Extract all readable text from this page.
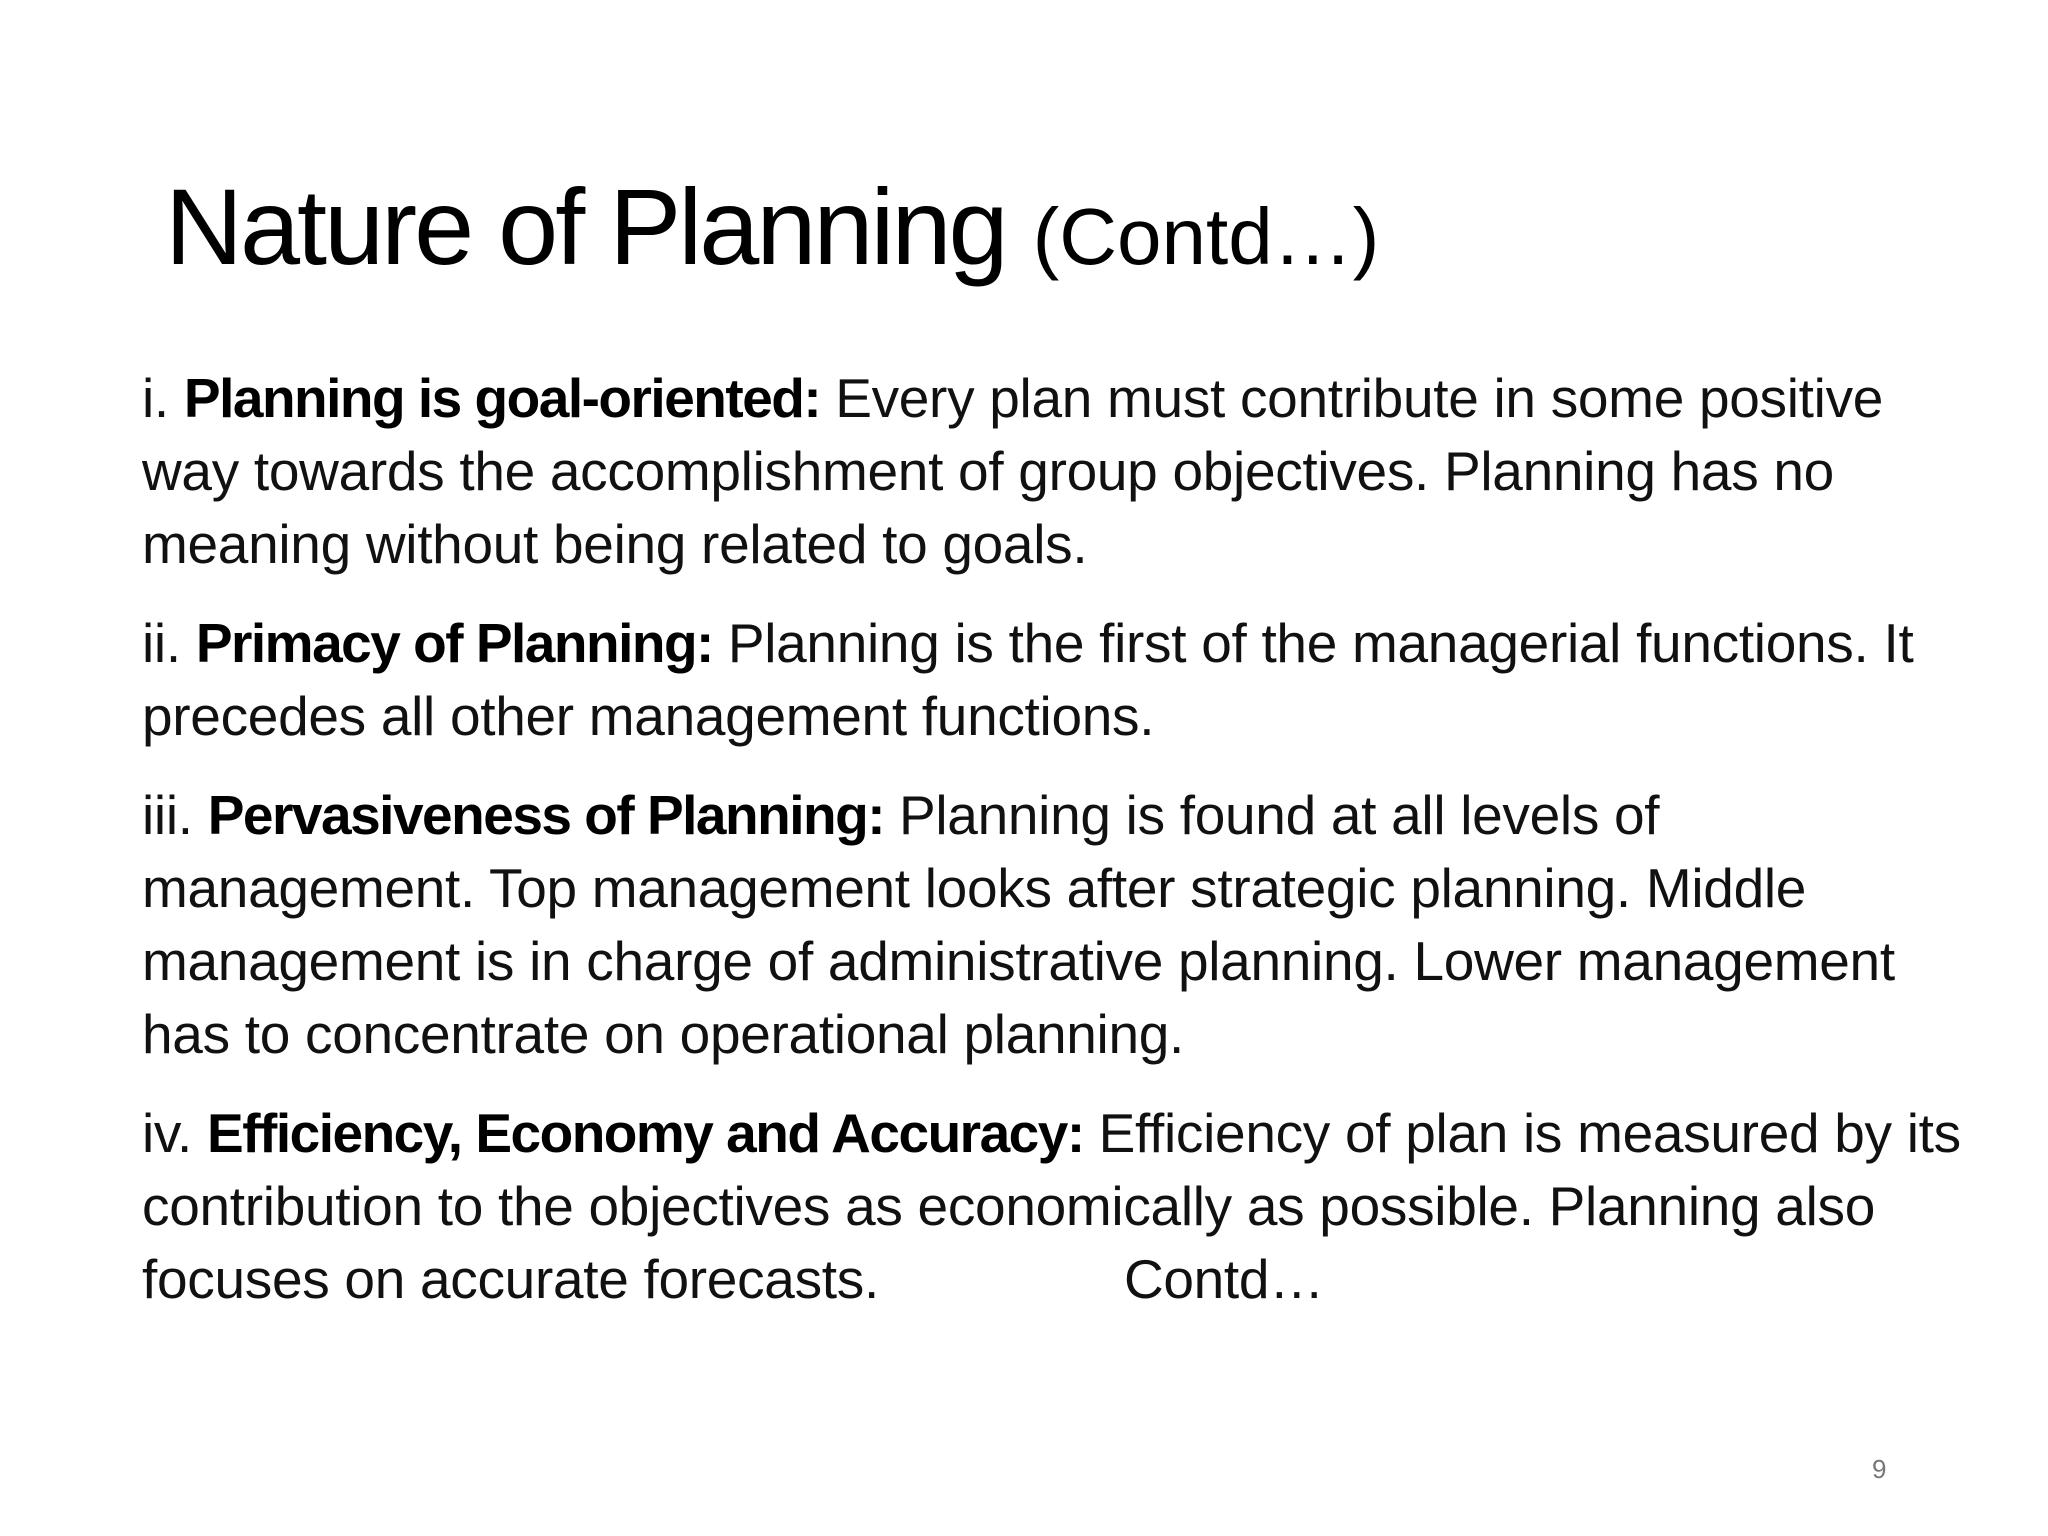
Nature of Planning (Contd…)

i. Planning is goal-oriented: Every plan must contribute in some positive way towards the accomplishment of group objectives. Planning has no meaning without being related to goals.

ii. Primacy of Planning: Planning is the first of the managerial functions. It precedes all other management functions.

iii. Pervasiveness of Planning: Planning is found at all levels of management. Top management looks after strategic planning. Middle management is in charge of administrative planning. Lower management has to concentrate on operational planning.

iv. Efficiency, Economy and Accuracy: Efficiency of plan is measured by its contribution to the objectives as economically as possible. Planning also focuses on accurate forecasts.	Contd…

9
